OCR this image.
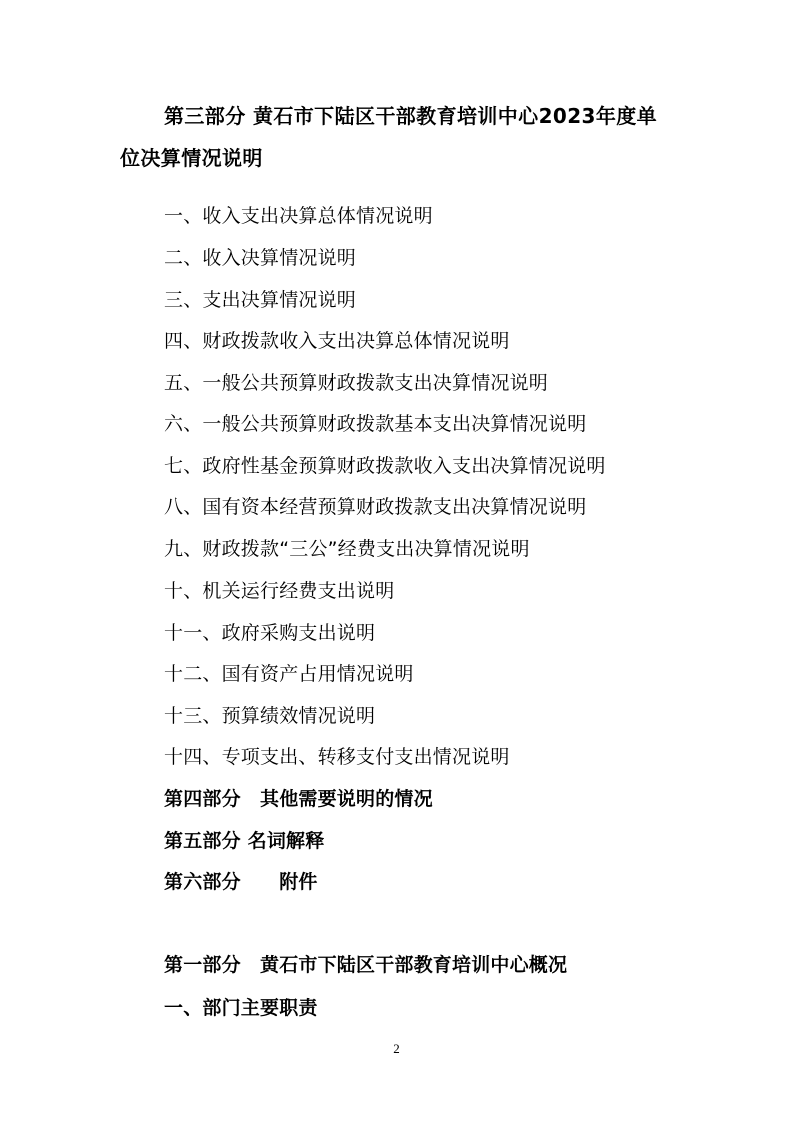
第三部分 黄石市下陆区干部教育培训中心2023年度单
位决算情况说明
一、收入支出决算总体情况说明
二、收入决算情况说明
三、支出决算情况说明
四、财政拨款收入支出决算总体情况说明
五、一般公共预算财政拨款支出决算情况说明
六、一般公共预算财政拨款基本支出决算情况说明
七、政府性基金预算财政拨款收入支出决算情况说明
八、国有资本经营预算财政拨款支出决算情况说明
九、财政拨款“三公”经费支出决算情况说明
十、机关运行经费支出说明
十一、政府采购支出说明
十二、国有资产占用情况说明
十三、预算绩效情况说明
十四、专项支出、转移支付支出情况说明
第四部分　其他需要说明的情况
第五部分 名词解释
第六部分　　附件
第一部分　黄石市下陆区干部教育培训中心概况
一、部门主要职责
2
